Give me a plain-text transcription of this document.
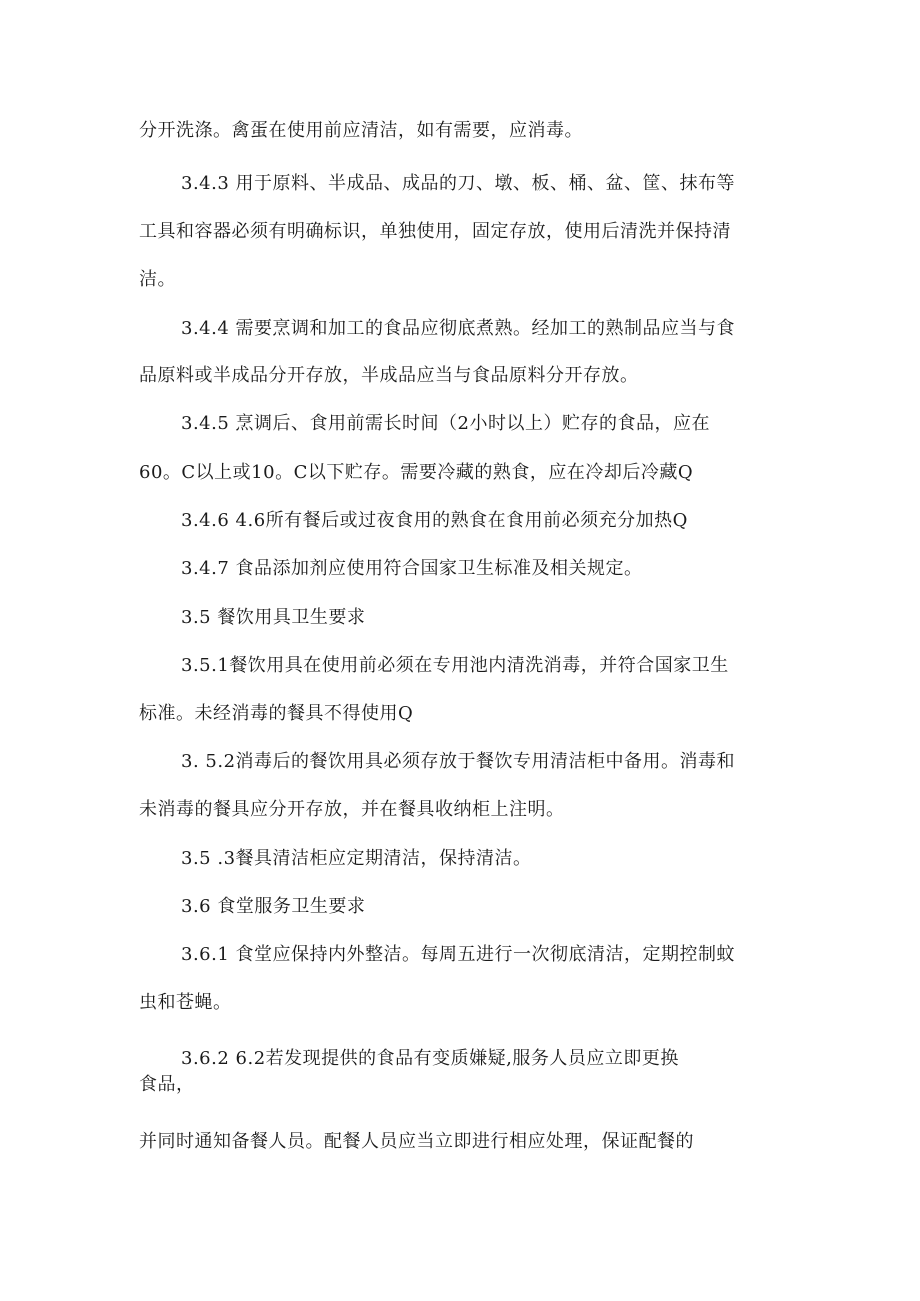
分开洗涤。禽蛋在使用前应清洁，如有需要，应消毒。
3.4.3 用于原料、半成品、成品的刀、墩、板、桶、盆、筐、抹布等
工具和容器必须有明确标识，单独使用，固定存放，使用后清洗并保持清
洁。
3.4.4 需要烹调和加工的食品应彻底煮熟。经加工的熟制品应当与食
品原料或半成品分开存放，半成品应当与食品原料分开存放。
3.4.5 烹调后、食用前需长时间（2小时以上）贮存的食品，应在
60。C以上或10。C以下贮存。需要冷藏的熟食，应在冷却后冷藏Q
3.4.6 4.6所有餐后或过夜食用的熟食在食用前必须充分加热Q
3.4.7 食品添加剂应使用符合国家卫生标准及相关规定。
3.5 餐饮用具卫生要求
3.5.1餐饮用具在使用前必须在专用池内清洗消毒，并符合国家卫生
标准。未经消毒的餐具不得使用Q
3. 5.2消毒后的餐饮用具必须存放于餐饮专用清洁柜中备用。消毒和
未消毒的餐具应分开存放，并在餐具收纳柜上注明。
3.5 .3餐具清洁柜应定期清洁，保持清洁。
3.6 食堂服务卫生要求
3.6.1 食堂应保持内外整洁。每周五进行一次彻底清洁，定期控制蚊
虫和苍蝇。
3.6.2 6.2若发现提供的食品有变质嫌疑,服务人员应立即更换
食品，
并同时通知备餐人员。配餐人员应当立即进行相应处理，保证配餐的
